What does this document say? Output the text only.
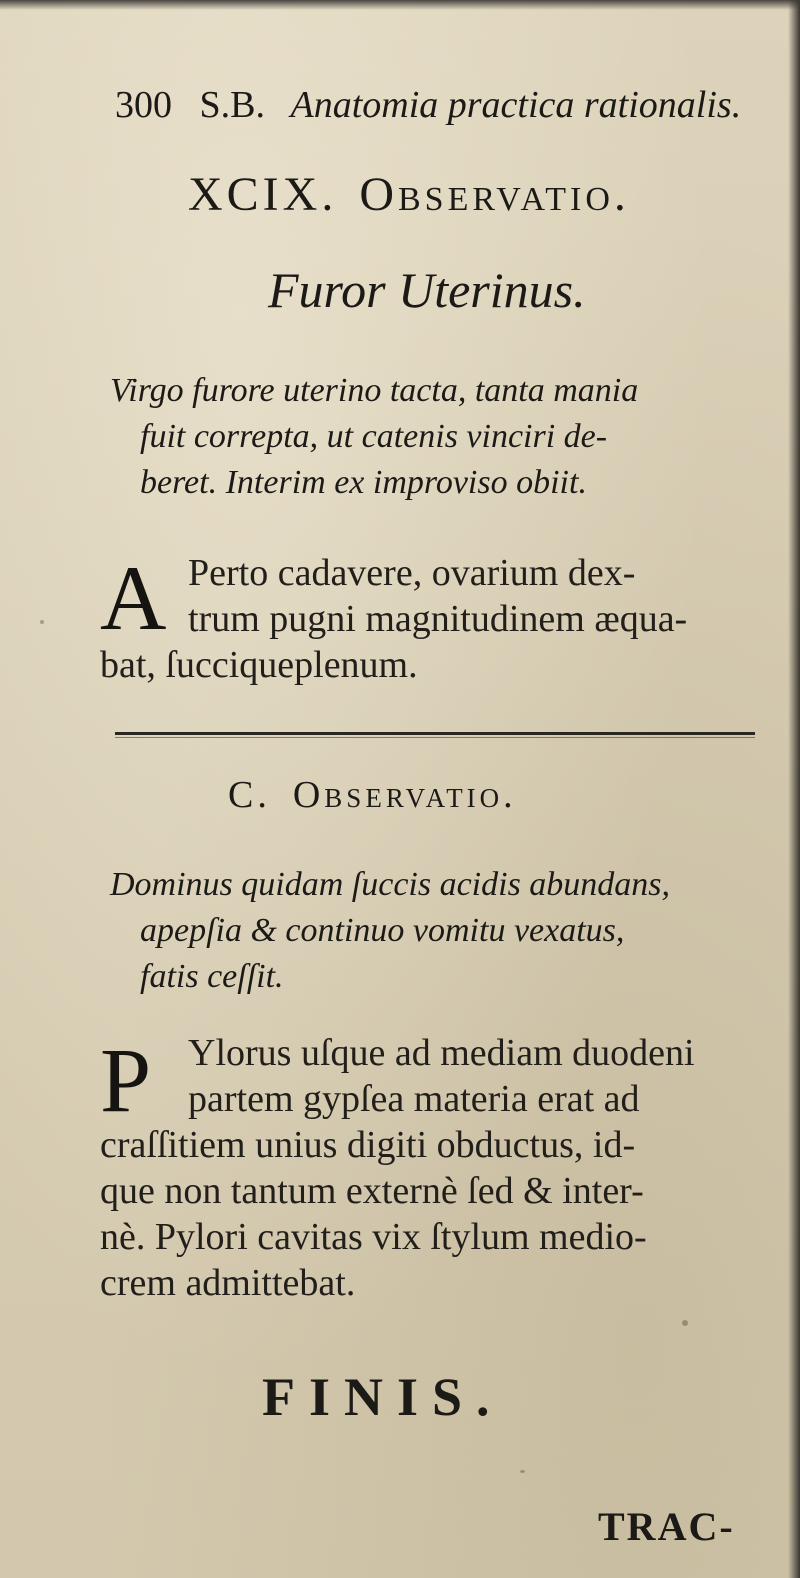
300 S.B. Anatomia practica rationalis.
XCIX. Observatio.
Furor Uterinus.
Virgo furore uterino tacta, tanta mania
fuit correpta, ut catenis vinciri de-
beret. Interim ex improviso obiit.
A Perto cadavere, ovarium dex-
trum pugni magnitudinem æqua-
bat, ſucciqueplenum.
C. Observatio.
Dominus quidam ſuccis acidis abundans,
apepſia & continuo vomitu vexatus,
fatis ceſſit.
P Ylorus uſque ad mediam duodeni
partem gypſea materia erat ad
craſſitiem unius digiti obductus, id-
que non tantum externè ſed & inter-
nè. Pylori cavitas vix ſtylum medio-
crem admittebat.
FINIS.
TRAC-
